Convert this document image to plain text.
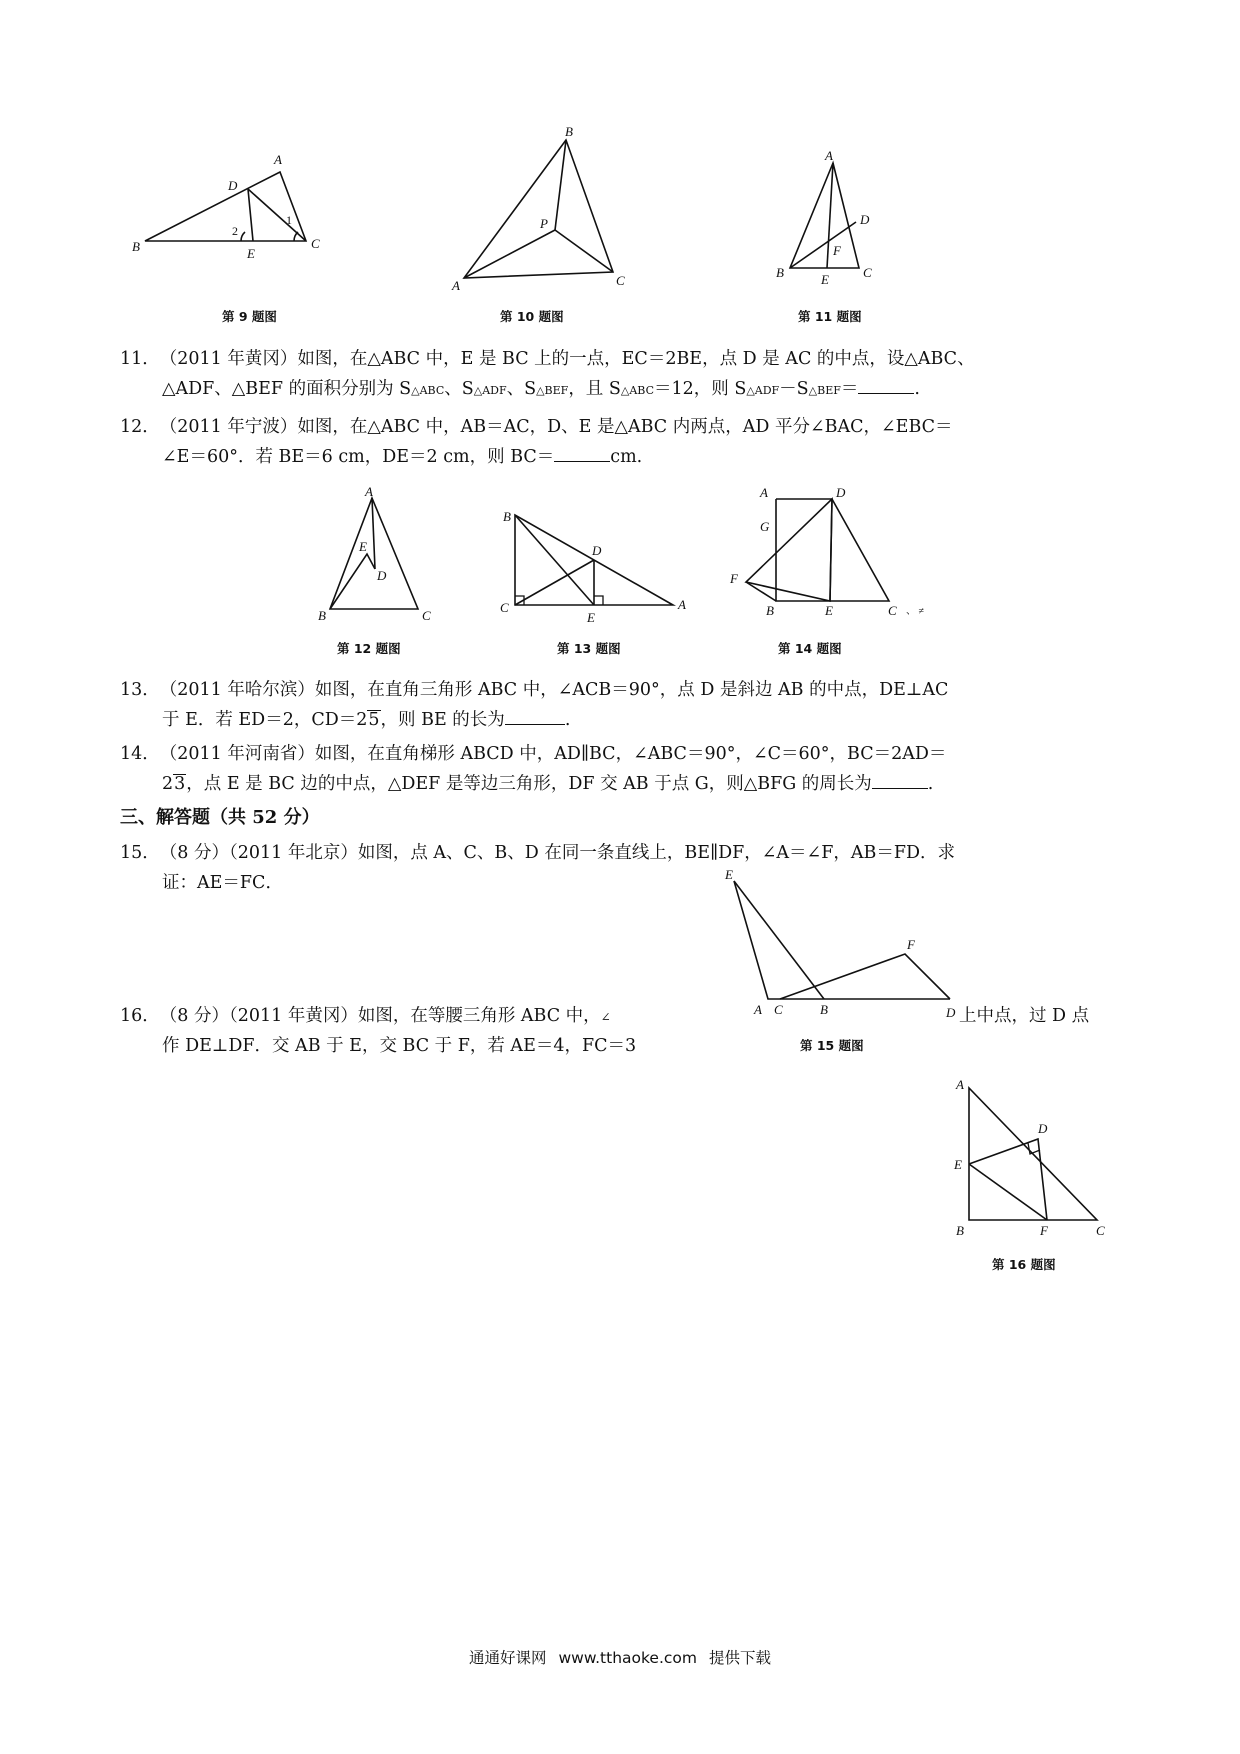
B
A
C
D
E
1
2
第 9 题图
B
A	C
P
第 10 题图
A
B	C
D
E
F
第 11 题图
11．（2011 年黄冈）如图，在△ABC 中，E 是 BC 上的一点，EC＝2BE，点 D 是 AC 的中点，设△ABC、
△ADF、△BEF 的面积分别为 S△ABC、S△ADF、S△BEF，且 S△ABC＝12，则 S△ADF－S△BEF＝	.
12．（2011 年宁波）如图，在△ABC 中，AB＝AC，D、E 是△ABC 内两点，AD 平分∠BAC，∠EBC＝
∠E＝60°．若 BE＝6 cm，DE＝2 cm，则 BC＝	cm.
A
B	C
E
D
第 12 题图
B
C	A
D
E
第 13 题图
A	D
G
F
B	E	C 、 ≠
第 14 题图
13．（2011 年哈尔滨）如图，在直角三角形 ABC 中，∠ACB＝90°，点 D 是斜边 AB 的中点，DE⊥AC
于 E．若 ED＝2，CD＝25，则 BE 的长为	.
14．（2011 年河南省）如图，在直角梯形 ABCD 中，AD∥BC，∠ABC＝90°，∠C＝60°，BC＝2AD＝
23，点 E 是 BC 边的中点，△DEF 是等边三角形，DF 交 AB 于点 G，则△BFG 的周长为	.
三、解答题（共 52 分）
15．（8 分）（2011 年北京）如图，点 A、C、B、D 在同一条直线上，BE∥DF，∠A＝∠F，AB＝FD．求
证：AE＝FC．
16．（8 分）（2011 年黄冈）如图，在等腰三角形 ABC 中，∠	上中点，过 D 点
作 DE⊥DF．交 AB 于 E，交 BC 于 F，若 AE＝4，FC＝3
E
A C	B	D
F
第 15 题图
A
E
D
B	F	C
第 16 题图
通通好课网 www.tthaoke.com 提供下载
